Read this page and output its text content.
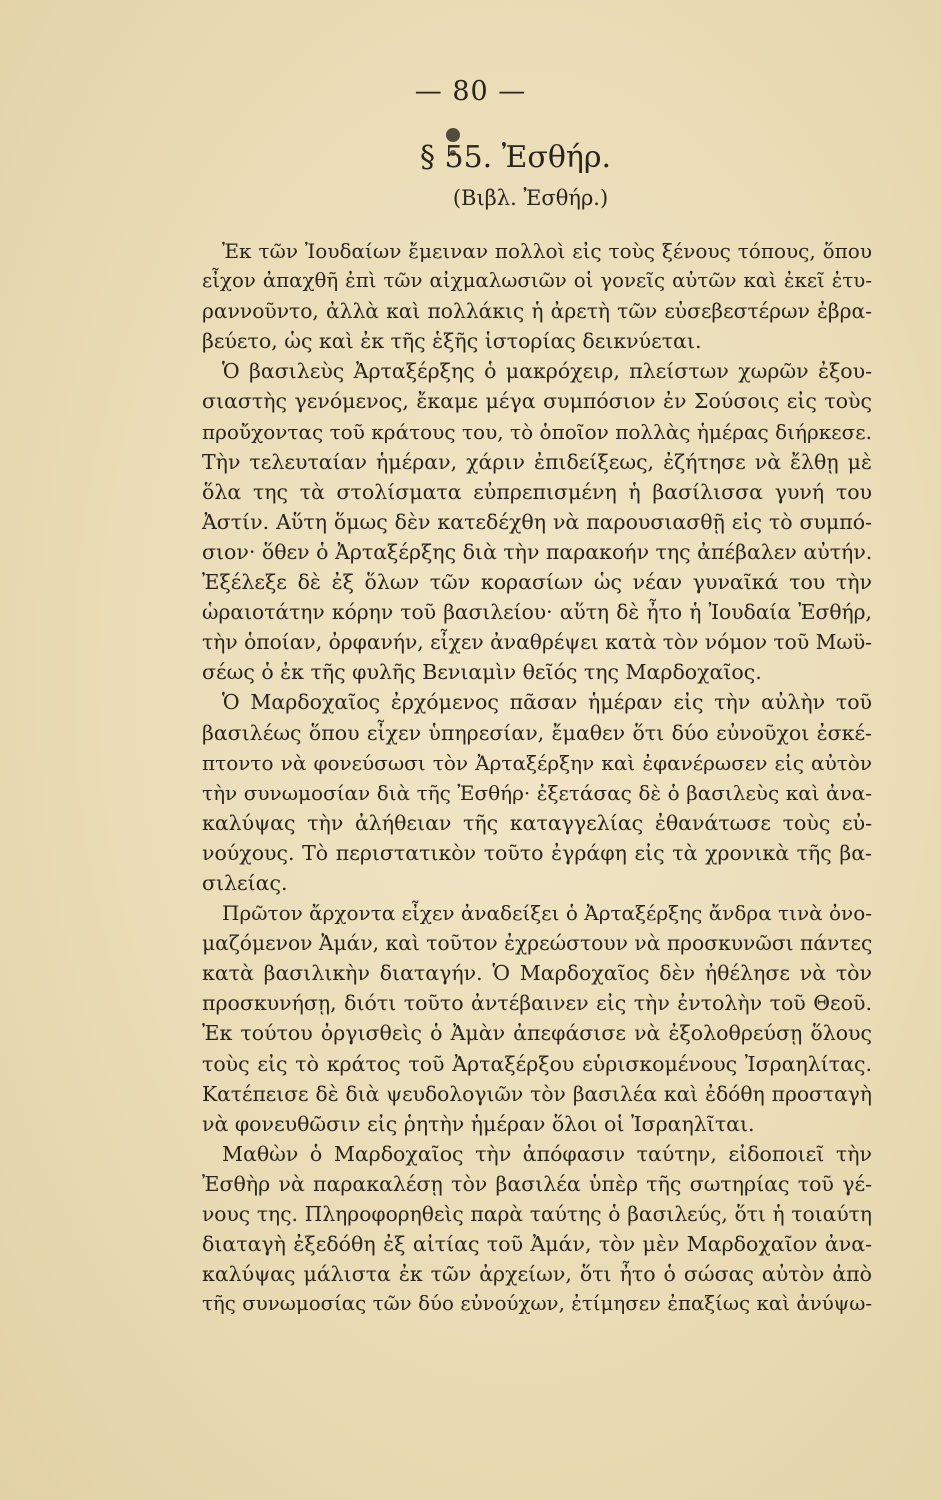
— 80 —
§ 55. Ἐσθήρ.
(Βιβλ. Ἐσθήρ.)
Ἐκ τῶν Ἰουδαίων ἔμειναν πολλοὶ εἰς τοὺς ξένους τόπους, ὅπου
εἶχον ἀπαχθῆ ἐπὶ τῶν αἰχμαλωσιῶν οἱ γονεῖς αὐτῶν καὶ ἐκεῖ ἐτυ-
ραννοῦντο, ἀλλὰ καὶ πολλάκις ἡ ἀρετὴ τῶν εὐσεβεστέρων ἐβρα-
βεύετο, ὡς καὶ ἐκ τῆς ἑξῆς ἱστορίας δεικνύεται.
Ὁ βασιλεὺς Ἀρταξέρξης ὁ μακρόχειρ, πλείστων χωρῶν ἐξου-
σιαστὴς γενόμενος, ἔκαμε μέγα συμπόσιον ἐν Σούσοις εἰς τοὺς
προὔχοντας τοῦ κράτους του, τὸ ὁποῖον πολλὰς ἡμέρας διήρκεσε.
Τὴν τελευταίαν ἡμέραν, χάριν ἐπιδείξεως, ἐζήτησε νὰ ἔλθῃ μὲ
ὅλα της τὰ στολίσματα εὐπρεπισμένη ἡ βασίλισσα γυνή του
Ἀστίν. Αὕτη ὅμως δὲν κατεδέχθη νὰ παρουσιασθῇ εἰς τὸ συμπό-
σιον· ὅθεν ὁ Ἀρταξέρξης διὰ τὴν παρακοήν της ἀπέβαλεν αὐτήν.
Ἐξέλεξε δὲ ἐξ ὅλων τῶν κορασίων ὡς νέαν γυναῖκά του τὴν
ὡραιοτάτην κόρην τοῦ βασιλείου· αὕτη δὲ ἦτο ἡ Ἰουδαία Ἐσθήρ,
τὴν ὁποίαν, ὀρφανήν, εἶχεν ἀναθρέψει κατὰ τὸν νόμον τοῦ Μωϋ-
σέως ὁ ἐκ τῆς φυλῆς Βενιαμὶν θεῖός της Μαρδοχαῖος.
Ὁ Μαρδοχαῖος ἐρχόμενος πᾶσαν ἡμέραν εἰς τὴν αὐλὴν τοῦ
βασιλέως ὅπου εἶχεν ὑπηρεσίαν, ἔμαθεν ὅτι δύο εὐνοῦχοι ἐσκέ-
πτοντο νὰ φονεύσωσι τὸν Ἀρταξέρξην καὶ ἐφανέρωσεν εἰς αὐτὸν
τὴν συνωμοσίαν διὰ τῆς Ἐσθήρ· ἐξετάσας δὲ ὁ βασιλεὺς καὶ ἀνα-
καλύψας τὴν ἀλήθειαν τῆς καταγγελίας ἐθανάτωσε τοὺς εὐ-
νούχους. Τὸ περιστατικὸν τοῦτο ἐγράφη εἰς τὰ χρονικὰ τῆς βα-
σιλείας.
Πρῶτον ἄρχοντα εἶχεν ἀναδείξει ὁ Ἀρταξέρξης ἄνδρα τινὰ ὀνο-
μαζόμενον Ἀμάν, καὶ τοῦτον ἐχρεώστουν νὰ προσκυνῶσι πάντες
κατὰ βασιλικὴν διαταγήν. Ὁ Μαρδοχαῖος δὲν ἠθέλησε νὰ τὸν
προσκυνήσῃ, διότι τοῦτο ἀντέβαινεν εἰς τὴν ἐντολὴν τοῦ Θεοῦ.
Ἐκ τούτου ὀργισθεὶς ὁ Ἀμὰν ἀπεφάσισε νὰ ἐξολοθρεύσῃ ὅλους
τοὺς εἰς τὸ κράτος τοῦ Ἀρταξέρξου εὑρισκομένους Ἰσραηλίτας.
Κατέπεισε δὲ διὰ ψευδολογιῶν τὸν βασιλέα καὶ ἐδόθη προσταγὴ
νὰ φονευθῶσιν εἰς ῥητὴν ἡμέραν ὅλοι οἱ Ἰσραηλῖται.
Μαθὼν ὁ Μαρδοχαῖος τὴν ἀπόφασιν ταύτην, εἰδοποιεῖ τὴν
Ἐσθὴρ νὰ παρακαλέσῃ τὸν βασιλέα ὑπὲρ τῆς σωτηρίας τοῦ γέ-
νους της. Πληροφορηθεὶς παρὰ ταύτης ὁ βασιλεύς, ὅτι ἡ τοιαύτη
διαταγὴ ἐξεδόθη ἐξ αἰτίας τοῦ Ἀμάν, τὸν μὲν Μαρδοχαῖον ἀνα-
καλύψας μάλιστα ἐκ τῶν ἀρχείων, ὅτι ἦτο ὁ σώσας αὐτὸν ἀπὸ
τῆς συνωμοσίας τῶν δύο εὐνούχων, ἐτίμησεν ἐπαξίως καὶ ἀνύψω-
